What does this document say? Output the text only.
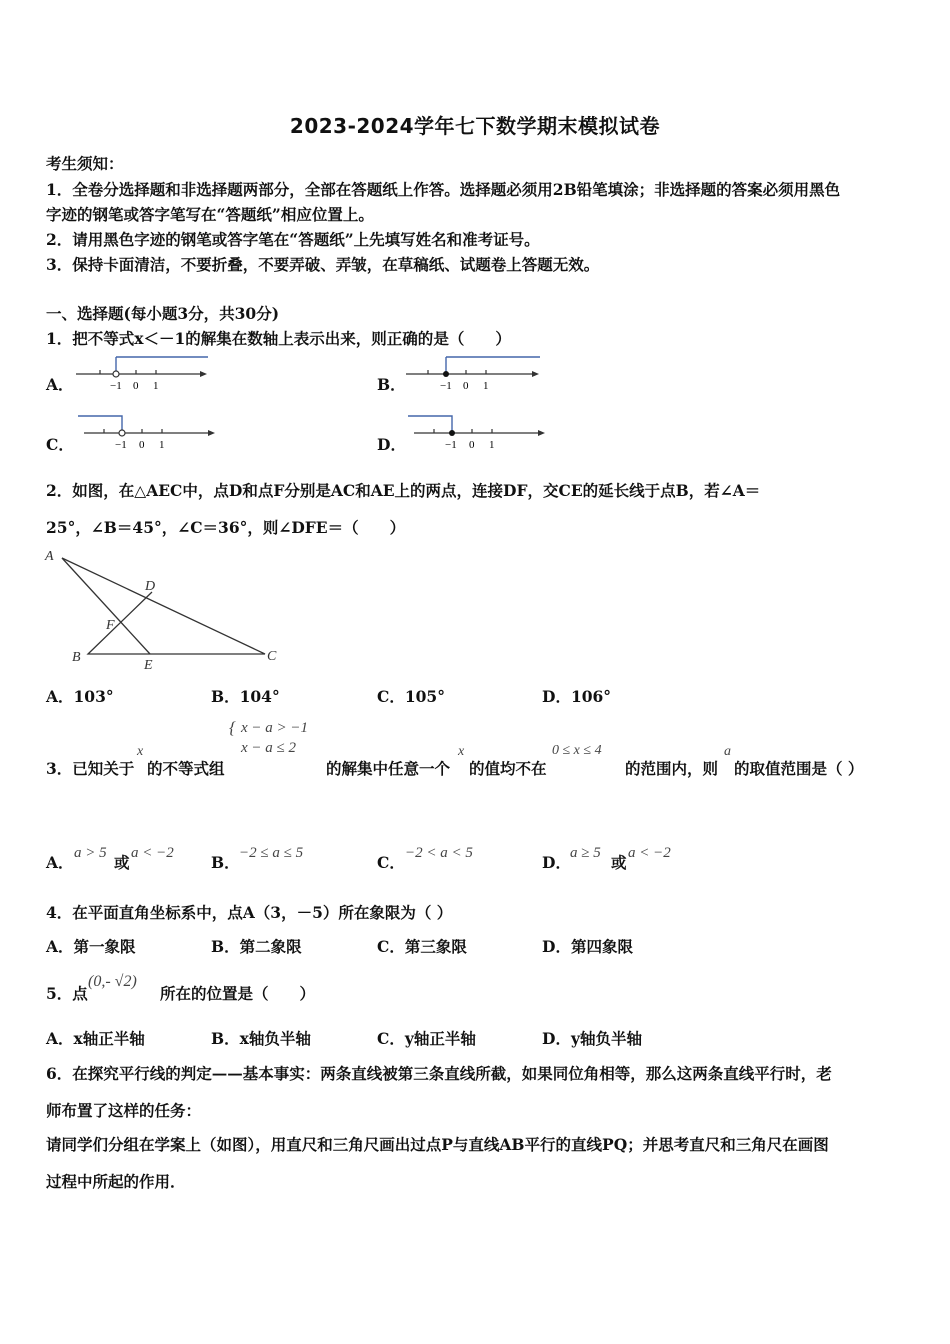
2023-2024学年七下数学期末模拟试卷
考生须知：
1．全卷分选择题和非选择题两部分，全部在答题纸上作答。选择题必须用2B铅笔填涂；非选择题的答案必须用黑色
字迹的钢笔或答字笔写在“答题纸”相应位置上。
2．请用黑色字迹的钢笔或答字笔在“答题纸”上先填写姓名和准考证号。
3．保持卡面清洁，不要折叠，不要弄破、弄皱，在草稿纸、试题卷上答题无效。
一、选择题(每小题3分，共30分)
1．把不等式x＜－1的解集在数轴上表示出来，则正确的是（　　）
A．	−1 0 1	B．	−1 0 1
C．	−1 0 1	D．	−1 0 1
2．如图，在△AEC中，点D和点F分别是AC和AE上的两点，连接DF，交CE的延长线于点B，若∠A＝
25°，∠B＝45°，∠C＝36°，则∠DFE＝（　　）
A
D
F
B
E
C
A．103°	B．104°	C．105°	D．106°
3．已知关于
x
的不等式组
{ x − a > −1
x − a ≤ 2
的解集中任意一个
x
的值均不在
0 ≤ x ≤ 4
的范围内，则
a
的取值范围是（ ）
A． a > 5 或 a < −2 B． −2 ≤ a ≤ 5	C． −2 < a < 5	D． a ≥ 5 或 a < −2
4．在平面直角坐标系中，点A（3，－5）所在象限为（ ）
A．第一象限	B．第二象限	C．第三象限	D．第四象限
5．点
(0,- √2)
所在的位置是（　　）
A．x轴正半轴	B．x轴负半轴	C．y轴正半轴	D．y轴负半轴
6．在探究平行线的判定——基本事实：两条直线被第三条直线所截，如果同位角相等，那么这两条直线平行时，老
师布置了这样的任务：
请同学们分组在学案上（如图），用直尺和三角尺画出过点P与直线AB平行的直线PQ；并思考直尺和三角尺在画图
过程中所起的作用．
